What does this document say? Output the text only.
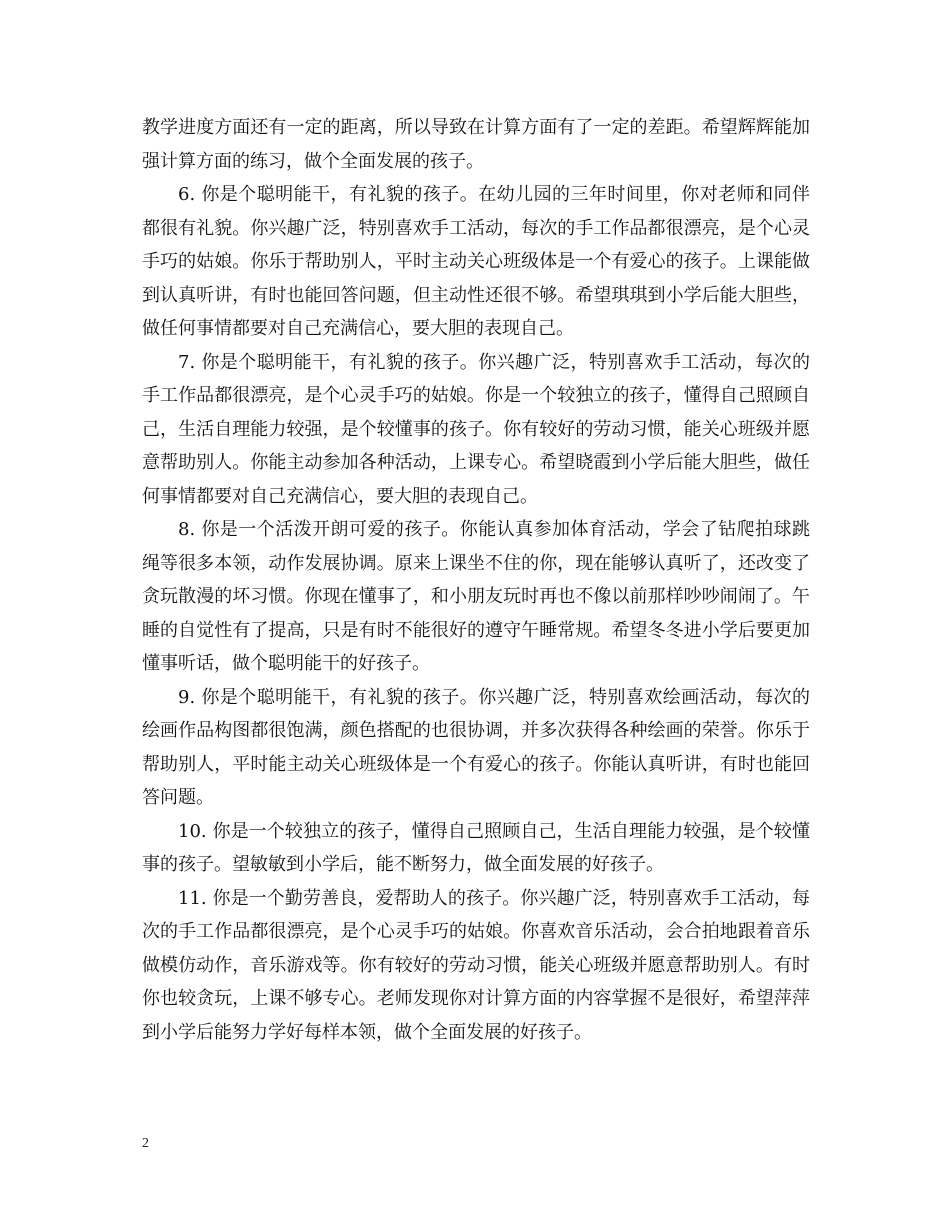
教学进度方面还有一定的距离，所以导致在计算方面有了一定的差距。希望辉辉能加强计算方面的练习，做个全面发展的孩子。

6. 你是个聪明能干，有礼貌的孩子。在幼儿园的三年时间里，你对老师和同伴都很有礼貌。你兴趣广泛，特别喜欢手工活动，每次的手工作品都很漂亮，是个心灵手巧的姑娘。你乐于帮助别人，平时主动关心班级体是一个有爱心的孩子。上课能做到认真听讲，有时也能回答问题，但主动性还很不够。希望琪琪到小学后能大胆些，做任何事情都要对自己充满信心，要大胆的表现自己。

7. 你是个聪明能干，有礼貌的孩子。你兴趣广泛，特别喜欢手工活动，每次的手工作品都很漂亮，是个心灵手巧的姑娘。你是一个较独立的孩子，懂得自己照顾自己，生活自理能力较强，是个较懂事的孩子。你有较好的劳动习惯，能关心班级并愿意帮助别人。你能主动参加各种活动，上课专心。希望晓霞到小学后能大胆些，做任何事情都要对自己充满信心，要大胆的表现自己。

8. 你是一个活泼开朗可爱的孩子。你能认真参加体育活动，学会了钻爬拍球跳绳等很多本领，动作发展协调。原来上课坐不住的你，现在能够认真听了，还改变了贪玩散漫的坏习惯。你现在懂事了，和小朋友玩时再也不像以前那样吵吵闹闹了。午睡的自觉性有了提高，只是有时不能很好的遵守午睡常规。希望冬冬进小学后要更加懂事听话，做个聪明能干的好孩子。

9. 你是个聪明能干，有礼貌的孩子。你兴趣广泛，特别喜欢绘画活动，每次的绘画作品构图都很饱满，颜色搭配的也很协调，并多次获得各种绘画的荣誉。你乐于帮助别人，平时能主动关心班级体是一个有爱心的孩子。你能认真听讲，有时也能回答问题。

10. 你是一个较独立的孩子，懂得自己照顾自己，生活自理能力较强，是个较懂事的孩子。望敏敏到小学后，能不断努力，做全面发展的好孩子。

11. 你是一个勤劳善良，爱帮助人的孩子。你兴趣广泛，特别喜欢手工活动，每次的手工作品都很漂亮，是个心灵手巧的姑娘。你喜欢音乐活动，会合拍地跟着音乐做模仿动作，音乐游戏等。你有较好的劳动习惯，能关心班级并愿意帮助别人。有时你也较贪玩，上课不够专心。老师发现你对计算方面的内容掌握不是很好，希望萍萍到小学后能努力学好每样本领，做个全面发展的好孩子。

2
